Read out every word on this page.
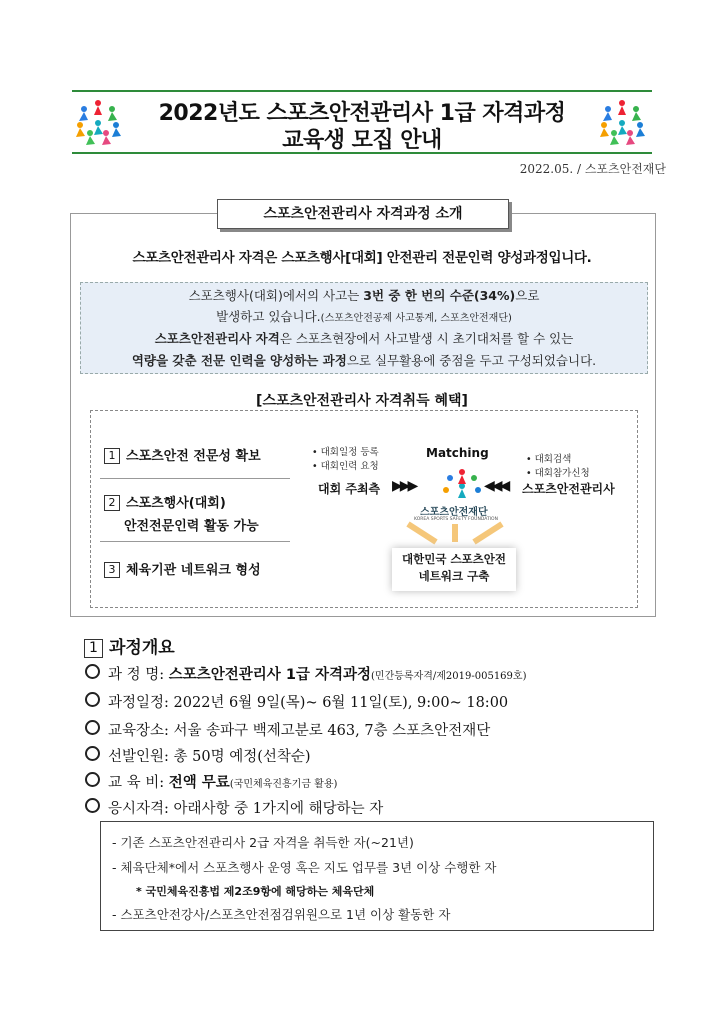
2022년도 스포츠안전관리사 1급 자격과정
교육생 모집 안내
2022.05. / 스포츠안전재단
스포츠안전관리사 자격과정 소개
스포츠안전관리사 자격은 스포츠행사[대회] 안전관리 전문인력 양성과정입니다.
스포츠행사(대회)에서의 사고는 3번 중 한 번의 수준(34%)으로
발생하고 있습니다.(스포츠안전공제 사고통계, 스포츠안전재단)
스포츠안전관리사 자격은 스포츠현장에서 사고발생 시 초기대처를 할 수 있는
역량을 갖춘 전문 인력을 양성하는 과정으로 실무활용에 중점을 두고 구성되었습니다.
[스포츠안전관리사 자격취득 혜택]
1 스포츠안전 전문성 확보
2 스포츠행사(대회)
안전전문인력 활동 가능
3 체육기관 네트워크 형성
• 대회일정 등록
• 대회인력 요청
대회 주최측 ▶▶▶
Matching
스포츠안전재단
KOREA SPORTS SAFETY FOUNDATION
◀◀◀
• 대회검색
• 대회참가신청
스포츠안전관리사
대한민국 스포츠안전
네트워크 구축
1 과정개요
과 정 명: 스포츠안전관리사 1급 자격과정(민간등록자격/제2019-005169호)
과정일정: 2022년 6월 9일(목)~ 6월 11일(토), 9:00~ 18:00
교육장소: 서울 송파구 백제고분로 463, 7층 스포츠안전재단
선발인원: 총 50명 예정(선착순)
교 육 비: 전액 무료(국민체육진흥기금 활용)
응시자격: 아래사항 중 1가지에 해당하는 자
- 기존 스포츠안전관리사 2급 자격을 취득한 자(~21년)
- 체육단체*에서 스포츠행사 운영 혹은 지도 업무를 3년 이상 수행한 자
* 국민체육진흥법 제2조9항에 해당하는 체육단체
- 스포츠안전강사/스포츠안전점검위원으로 1년 이상 활동한 자
